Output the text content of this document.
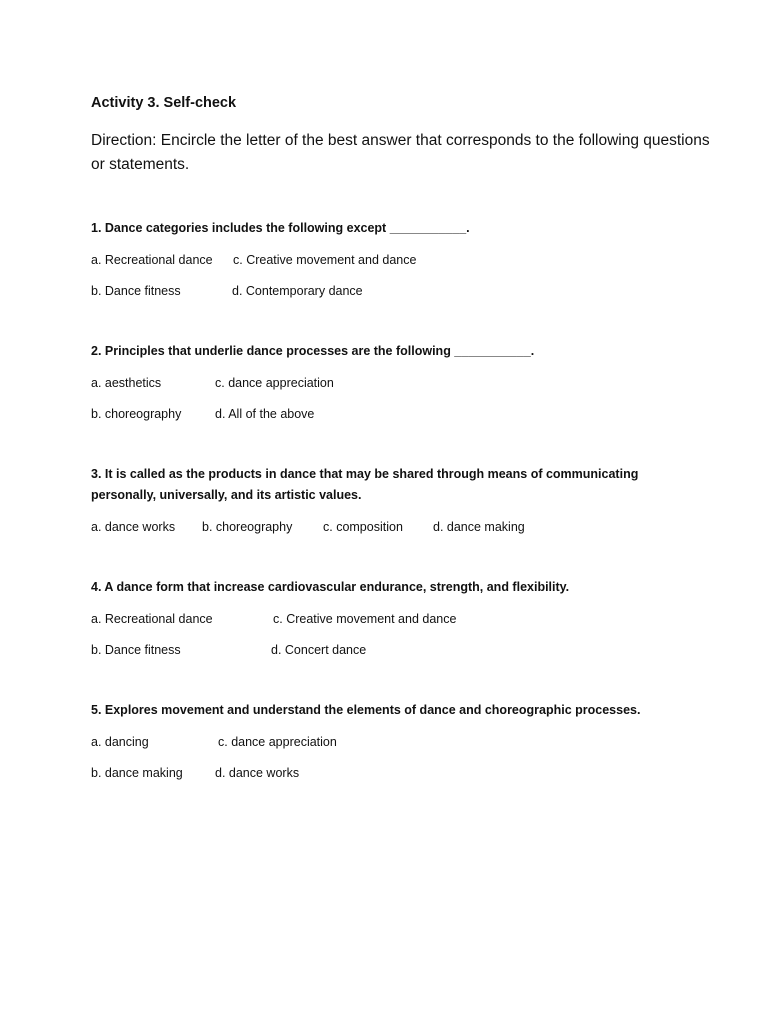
Activity 3. Self-check
Direction: Encircle the letter of the best answer that corresponds to the following questions or statements.
1. Dance categories includes the following except ___________.
a. Recreational dance c. Creative movement and dance
b. Dance fitness	d. Contemporary dance
2. Principles that underlie dance processes are the following ___________.
a. aesthetics	c. dance appreciation
b. choreography	d. All of the above
3. It is called as the products in dance that may be shared through means of communicating
personally, universally, and its artistic values.
a. dance works b. choreography c. composition d. dance making
4. A dance form that increase cardiovascular endurance, strength, and flexibility.
a. Recreational dance	c. Creative movement and dance
b. Dance fitness	d. Concert dance
5. Explores movement and understand the elements of dance and choreographic processes.
a. dancing	c. dance appreciation
b. dance making	d. dance works
